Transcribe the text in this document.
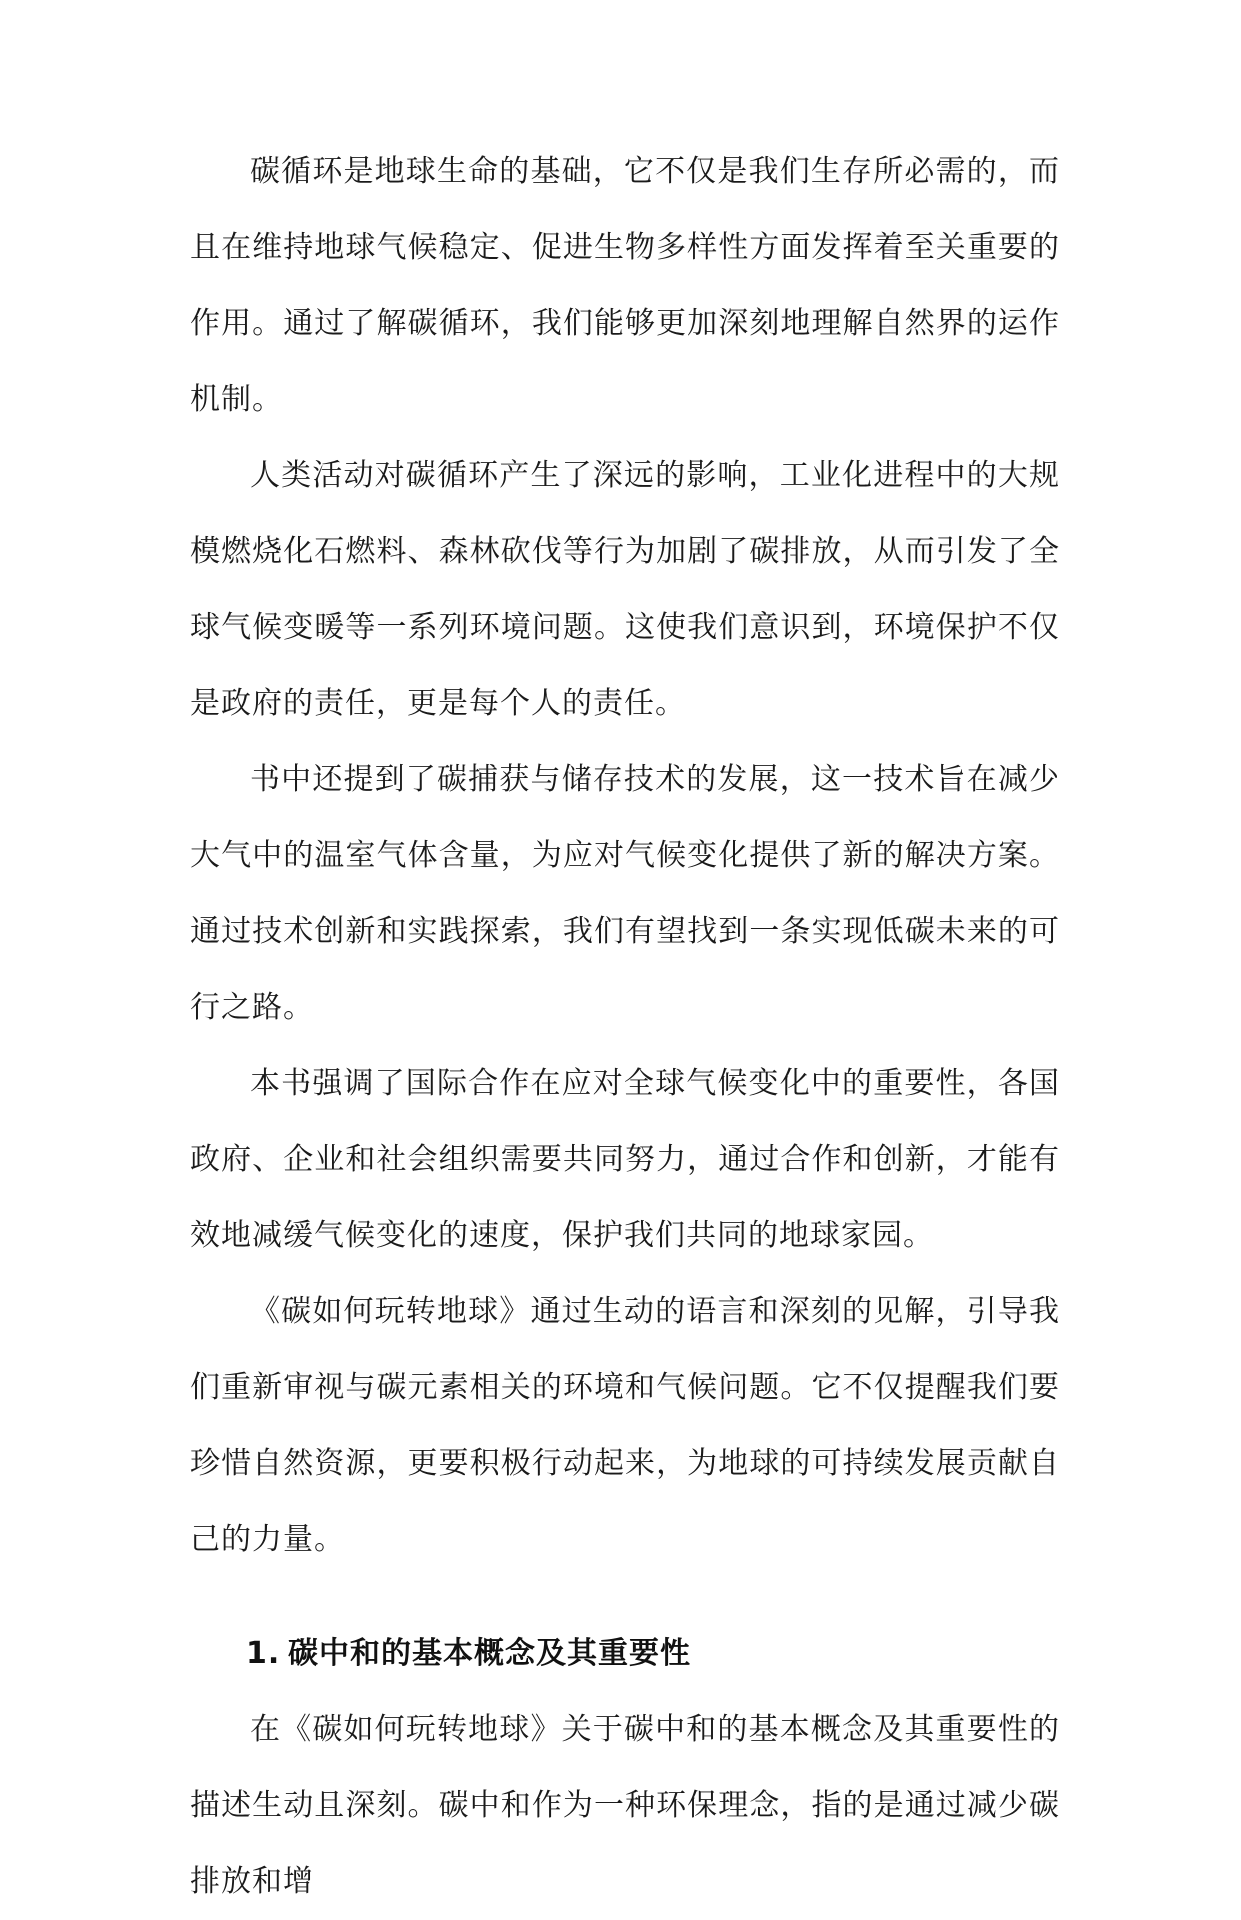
碳循环是地球生命的基础，它不仅是我们生存所必需的，而且在维持地球气候稳定、促进生物多样性方面发挥着至关重要的作用。通过了解碳循环，我们能够更加深刻地理解自然界的运作机制。

人类活动对碳循环产生了深远的影响，工业化进程中的大规模燃烧化石燃料、森林砍伐等行为加剧了碳排放，从而引发了全球气候变暖等一系列环境问题。这使我们意识到，环境保护不仅是政府的责任，更是每个人的责任。

书中还提到了碳捕获与储存技术的发展，这一技术旨在减少大气中的温室气体含量，为应对气候变化提供了新的解决方案。通过技术创新和实践探索，我们有望找到一条实现低碳未来的可行之路。

本书强调了国际合作在应对全球气候变化中的重要性，各国政府、企业和社会组织需要共同努力，通过合作和创新，才能有效地减缓气候变化的速度，保护我们共同的地球家园。

《碳如何玩转地球》通过生动的语言和深刻的见解，引导我们重新审视与碳元素相关的环境和气候问题。它不仅提醒我们要珍惜自然资源，更要积极行动起来，为地球的可持续发展贡献自己的力量。

1. 碳中和的基本概念及其重要性

在《碳如何玩转地球》关于碳中和的基本概念及其重要性的描述生动且深刻。碳中和作为一种环保理念，指的是通过减少碳排放和增
